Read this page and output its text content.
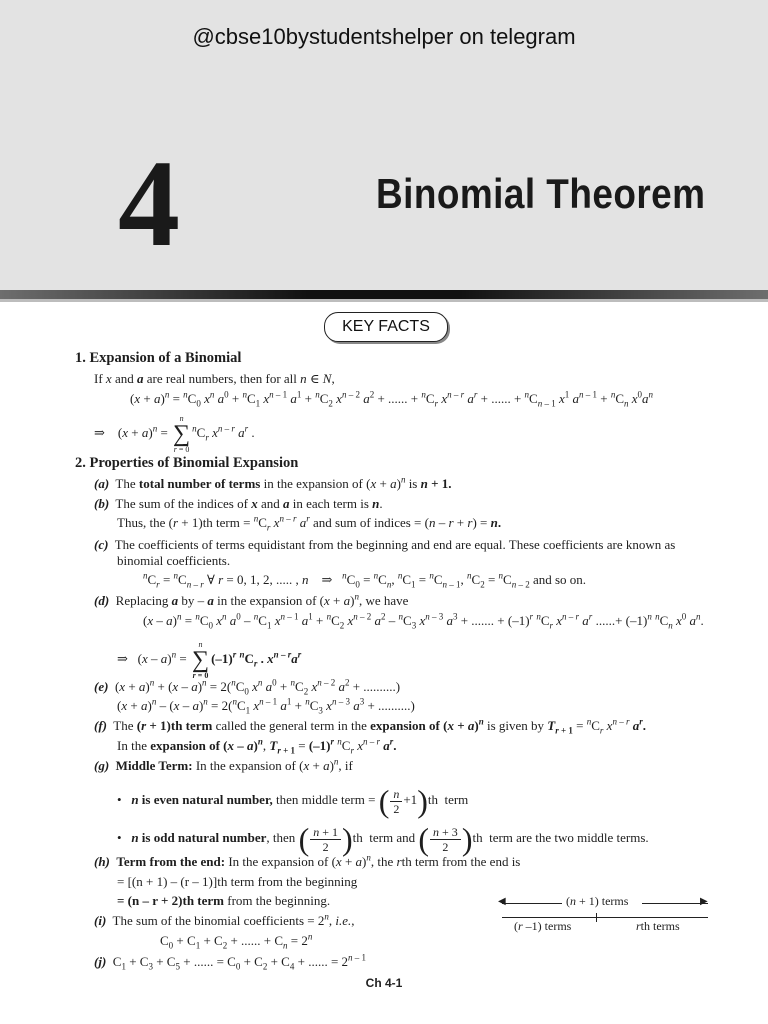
@cbse10bystudentshelper on telegram
4	Binomial Theorem
KEY FACTS
1. Expansion of a Binomial
If x and a are real numbers, then for all n ∈ N,
$(x + a)^n = ^nC_0$ $x^n$ $a^0 + ^nC_1$ $x^{n - 1}$ $a^1 + ^nC_2$ $x^{n - 2}$ $a^2$ + ...... + $^nC_r$ $x^{n - r}$ $a^r$ + ...... + $^nC_{n - 1}$ $x^1$ $a^{n - 1} + ^nC_n$ $x^0a^n$
⇒    $(x + a)^n$ =
n
∑
r = 0
$^nC_r$ $x^{n - r}$ $a^r$ .
2. Properties of Binomial Expansion
(a)  The total number of terms in the expansion of $(x + a)^n$ is n + 1.
(b)  The sum of the indices of x and a in each term is n.
Thus, the (r + 1)th term = $^nC_r$ $x^{n - r}$ $a^r$ and sum of indices = (n – r + r) = n.
(c) The coefficients of terms equidistant from the beginning and end are equal. These coefficients are known as
binomial coefficients.
$^nC_r = ^nC_{n - r}$ ∀ r = 0, 1, 2, ..... , n    ⇒   $^nC_0 = ^nC_n$, $^nC_1 = ^nC_{n - 1}$, $^nC_2 = ^nC_{n - 2}$ and so on.
(d)  Replacing a by – a in the expansion of $(x + a)^n$, we have
$(x - a)^n = ^nC_0$ $x^n$ $a^0 - ^nC_1$ $x^{n - 1}$ $a^1 + ^nC_2$ $x^{n - 2}$ $a^2 - ^nC_3$ $x^{n - 3}$ $a^3$ + ....... + $(-1)^r$ $^nC_r$ $x^{n - r}$ $a^r$ ......+ $(-1)^n$ $^nC_n$ $x^0$ $a^n$.
⇒   (x – a)$^n$ =
n
∑
r = 0
$(-1)^r$ $^nC_r$ . $x^{n - r}a^r$
(e)  $(x + a)^n + (x - a)^n = 2(^nC_0$ $x^n$ $a^0 + ^nC_2$ $x^{n - 2}$ $a^2$ + ..........)
$(x + a)^n - (x - a)^n = 2(^nC_1$ $x^{n - 1}$ $a^1 + ^nC_3$ $x^{n - 3}$ $a^3$ + ..........)
(f)  The (r + 1)th term called the general term in the expansion of $(x + a)^n$ is given by $T_{r + 1} = ^nC_r$ $x^{n - r}$ $a^r$.
In the expansion of (x – a)$^n$, $T_{r + 1} = (-1)^r$ $^nC_r$ $x^{n - r}$ $a^r$.
(g) Middle Term: In the expansion of $(x + a)^n$, if
•   n is even natural number, then middle term = ( $\frac{n}{2} +1)th$  term
•   n is odd natural number, then ( $\frac{n + 1}{2} )th$  term and ( $\frac{n + 3}{2} )th$  term are the two middle terms.
(h) Term from the end: In the expansion of $(x + a)^n$, the rth term from the end is
= [(n + 1) – (r – 1)]th term from the beginning
= (n – r + 2)th term from the beginning.
(i)  The sum of the binomial coefficients = $2^n$, i.e.,
$C_0 + C_1 + C_2$ + ...... + $C_n = 2^n$
(j)  $C_1 + C_3 + C_5$ + ...... = $C_0 + C_2 + C_4$ + ...... = $2^{n - 1}$
(n + 1) terms
◀	▶
(r –1) terms	rth terms
Ch 4-1
